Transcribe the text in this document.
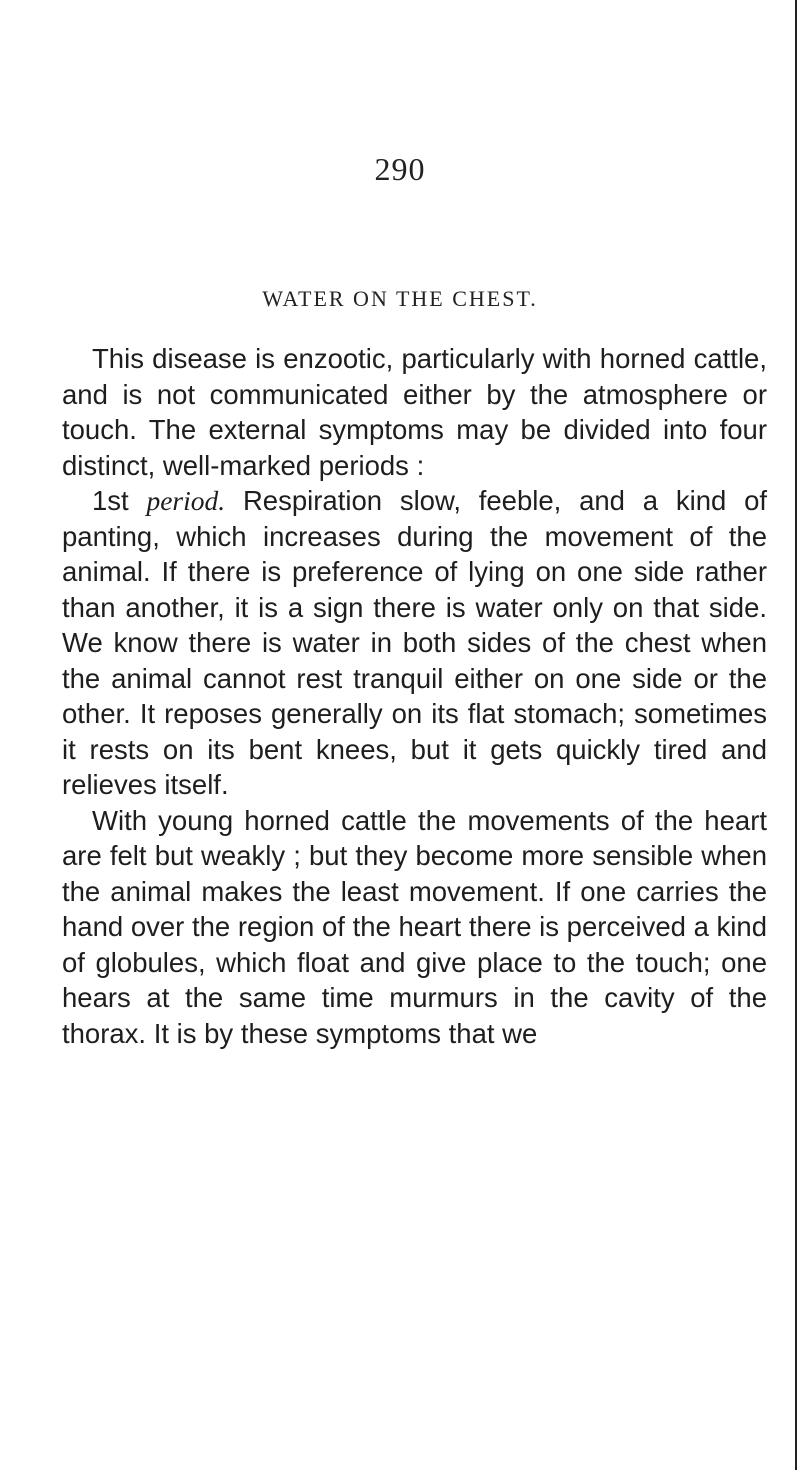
290
WATER ON THE CHEST.

This disease is enzootic, particularly with horned cattle, and is not communicated either by the atmosphere or touch. The external symptoms may be divided into four distinct, well-marked periods :

1st period. Respiration slow, feeble, and a kind of panting, which increases during the movement of the animal. If there is preference of lying on one side rather than another, it is a sign there is water only on that side. We know there is water in both sides of the chest when the animal cannot rest tranquil either on one side or the other. It reposes generally on its flat stomach; sometimes it rests on its bent knees, but it gets quickly tired and relieves itself.

With young horned cattle the movements of the heart are felt but weakly ; but they become more sensible when the animal makes the least movement. If one carries the hand over the region of the heart there is perceived a kind of globules, which float and give place to the touch; one hears at the same time murmurs in the cavity of the thorax. It is by these symptoms that we
